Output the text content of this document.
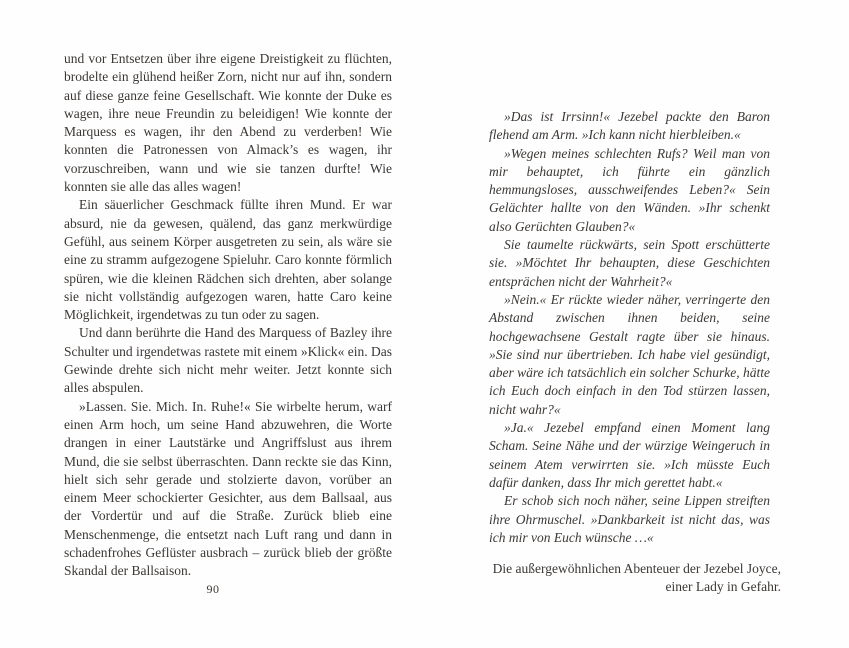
und vor Entsetzen über ihre eigene Dreistigkeit zu flüchten, brodelte ein glühend heißer Zorn, nicht nur auf ihn, sondern auf diese ganze feine Gesellschaft. Wie konnte der Duke es wagen, ihre neue Freundin zu beleidigen! Wie konnte der Marquess es wagen, ihr den Abend zu verderben! Wie konnten die Patronessen von Almack’s es wagen, ihr vorzuschreiben, wann und wie sie tanzen durfte! Wie konnten sie alle das alles wagen!

Ein säuerlicher Geschmack füllte ihren Mund. Er war absurd, nie da gewesen, quälend, das ganz merkwürdige Gefühl, aus seinem Körper ausgetreten zu sein, als wäre sie eine zu stramm aufgezogene Spieluhr. Caro konnte förmlich spüren, wie die kleinen Rädchen sich drehten, aber solange sie nicht vollständig aufgezogen waren, hatte Caro keine Möglichkeit, irgendetwas zu tun oder zu sagen.

Und dann berührte die Hand des Marquess of Bazley ihre Schulter und irgendetwas rastete mit einem »Klick« ein. Das Gewinde drehte sich nicht mehr weiter. Jetzt konnte sich alles abspulen.

»Lassen. Sie. Mich. In. Ruhe!« Sie wirbelte herum, warf einen Arm hoch, um seine Hand abzuwehren, die Worte drangen in einer Lautstärke und Angriffslust aus ihrem Mund, die sie selbst überraschten. Dann reckte sie das Kinn, hielt sich sehr gerade und stolzierte davon, vorüber an einem Meer schockierter Gesichter, aus dem Ballsaal, aus der Vordertür und auf die Straße. Zurück blieb eine Menschenmenge, die entsetzt nach Luft rang und dann in schadenfrohes Geflüster ausbrach – zurück blieb der größte Skandal der Ballsaison.

90

»Das ist Irrsinn!« Jezebel packte den Baron flehend am Arm. »Ich kann nicht hierbleiben.«

»Wegen meines schlechten Rufs? Weil man von mir behauptet, ich führte ein gänzlich hemmungsloses, ausschweifendes Leben?« Sein Gelächter hallte von den Wänden. »Ihr schenkt also Gerüchten Glauben?«

Sie taumelte rückwärts, sein Spott erschütterte sie. »Möchtet Ihr behaupten, diese Geschichten entsprächen nicht der Wahrheit?«

»Nein.« Er rückte wieder näher, verringerte den Abstand zwischen ihnen beiden, seine hochgewachsene Gestalt ragte über sie hinaus. »Sie sind nur übertrieben. Ich habe viel gesündigt, aber wäre ich tatsächlich ein solcher Schurke, hätte ich Euch doch einfach in den Tod stürzen lassen, nicht wahr?«

»Ja.« Jezebel empfand einen Moment lang Scham. Seine Nähe und der würzige Weingeruch in seinem Atem verwirrten sie. »Ich müsste Euch dafür danken, dass Ihr mich gerettet habt.«

Er schob sich noch näher, seine Lippen streiften ihre Ohrmuschel. »Dankbarkeit ist nicht das, was ich mir von Euch wünsche …«

Die außergewöhnlichen Abenteuer der Jezebel Joyce,
einer Lady in Gefahr.
